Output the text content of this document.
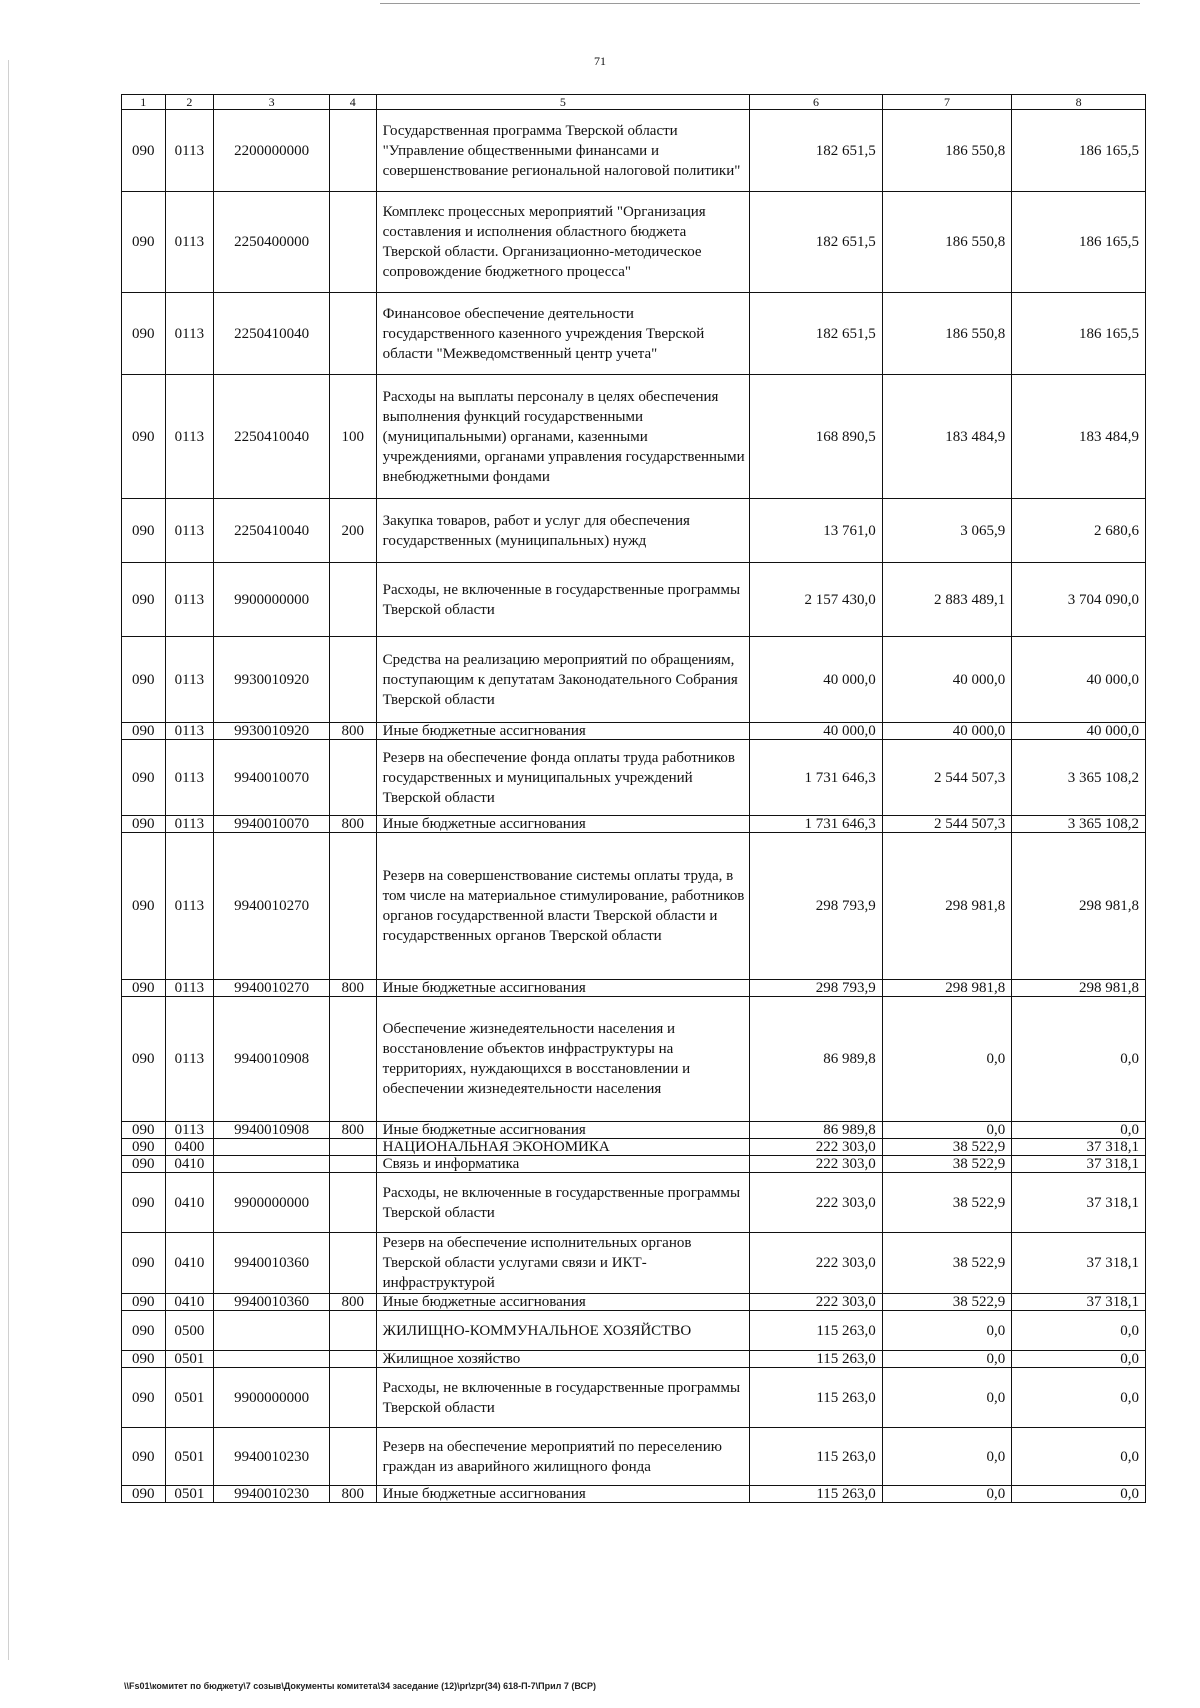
71
1	2	3	4	5	6	7	8
090	0113	2200000000		Государственная программа Тверской области "Управление общественными финансами и совершенствование региональной налоговой политики"	182 651,5	186 550,8	186 165,5
090	0113	2250400000		Комплекс процессных мероприятий "Организация составления и исполнения областного бюджета Тверской области. Организационно-методическое сопровождение бюджетного процесса"	182 651,5	186 550,8	186 165,5
090	0113	2250410040		Финансовое обеспечение деятельности государственного казенного учреждения Тверской области "Межведомственный центр учета"	182 651,5	186 550,8	186 165,5
090	0113	2250410040	100	Расходы на выплаты персоналу в целях обеспечения выполнения функций государственными (муниципальными) органами, казенными учреждениями, органами управления государственными внебюджетными фондами	168 890,5	183 484,9	183 484,9
090	0113	2250410040	200	Закупка товаров, работ и услуг для обеспечения государственных (муниципальных) нужд	13 761,0	3 065,9	2 680,6
090	0113	9900000000		Расходы, не включенные в государственные программы Тверской области	2 157 430,0	2 883 489,1	3 704 090,0
090	0113	9930010920		Средства на реализацию мероприятий по обращениям, поступающим к депутатам Законодательного Собрания Тверской области	40 000,0	40 000,0	40 000,0
090	0113	9930010920	800	Иные бюджетные ассигнования	40 000,0	40 000,0	40 000,0
090	0113	9940010070		Резерв на обеспечение фонда оплаты труда работников государственных и муниципальных учреждений Тверской области	1 731 646,3	2 544 507,3	3 365 108,2
090	0113	9940010070	800	Иные бюджетные ассигнования	1 731 646,3	2 544 507,3	3 365 108,2
090	0113	9940010270		Резерв на совершенствование системы оплаты труда, в том числе на материальное стимулирование, работников органов государственной власти Тверской области и государственных органов Тверской области	298 793,9	298 981,8	298 981,8
090	0113	9940010270	800	Иные бюджетные ассигнования	298 793,9	298 981,8	298 981,8
090	0113	9940010908		Обеспечение жизнедеятельности населения и восстановление объектов инфраструктуры на территориях, нуждающихся в восстановлении и обеспечении жизнедеятельности населения	86 989,8	0,0	0,0
090	0113	9940010908	800	Иные бюджетные ассигнования	86 989,8	0,0	0,0
090	0400			НАЦИОНАЛЬНАЯ ЭКОНОМИКА	222 303,0	38 522,9	37 318,1
090	0410			Связь и информатика	222 303,0	38 522,9	37 318,1
090	0410	9900000000		Расходы, не включенные в государственные программы Тверской области	222 303,0	38 522,9	37 318,1
090	0410	9940010360		Резерв на обеспечение исполнительных органов Тверской области услугами связи и ИКТ-инфраструктурой	222 303,0	38 522,9	37 318,1
090	0410	9940010360	800	Иные бюджетные ассигнования	222 303,0	38 522,9	37 318,1
090	0500			ЖИЛИЩНО-КОММУНАЛЬНОЕ ХОЗЯЙСТВО	115 263,0	0,0	0,0
090	0501			Жилищное хозяйство	115 263,0	0,0	0,0
090	0501	9900000000		Расходы, не включенные в государственные программы Тверской области	115 263,0	0,0	0,0
090	0501	9940010230		Резерв на обеспечение мероприятий по переселению граждан из аварийного жилищного фонда	115 263,0	0,0	0,0
090	0501	9940010230	800	Иные бюджетные ассигнования	115 263,0	0,0	0,0
\\Fs01\комитет по бюджету\7 созыв\Документы комитета\34 заседание (12)\pr\zpr(34) 618-П-7\Прил 7 (ВСР)
